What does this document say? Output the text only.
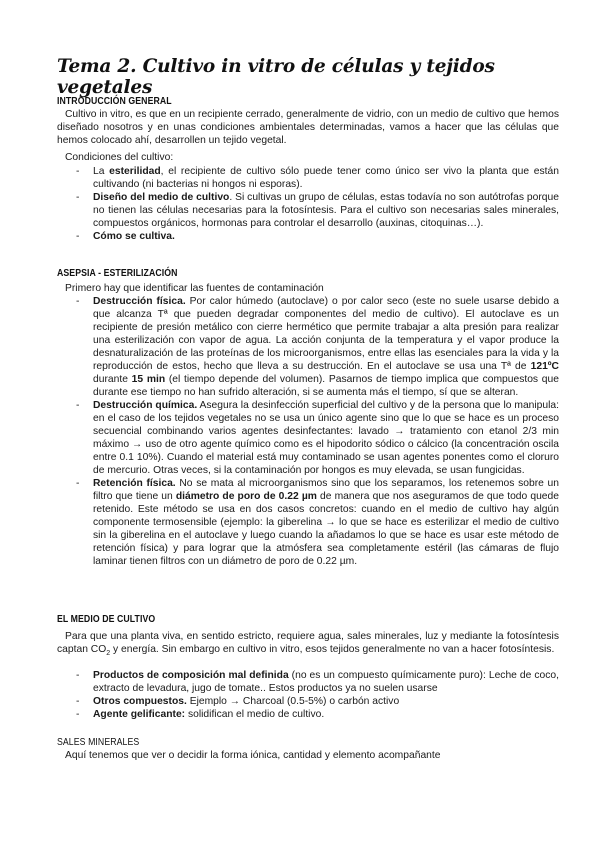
Tema 2. Cultivo in vitro de células y tejidos vegetales
INTRODUCCIÓN GENERAL
Cultivo in vitro, es que en un recipiente cerrado, generalmente de vidrio, con un medio de cultivo que hemos diseñado nosotros y en unas condiciones ambientales determinadas, vamos a hacer que las células que hemos colocado ahí, desarrollen un tejido vegetal.
Condiciones del cultivo:
- La esterilidad, el recipiente de cultivo sólo puede tener como único ser vivo la planta que están cultivando (ni bacterias ni hongos ni esporas).
- Diseño del medio de cultivo. Si cultivas un grupo de células, estas todavía no son autótrofas porque no tienen las células necesarias para la fotosíntesis. Para el cultivo son necesarias sales minerales, compuestos orgánicos, hormonas para controlar el desarrollo (auxinas, citoquinas…).
- Cómo se cultiva.
ASEPSIA - ESTERILIZACIÓN
Primero hay que identificar las fuentes de contaminación
- Destrucción física. Por calor húmedo (autoclave) o por calor seco (este no suele usarse debido a que alcanza Tª que pueden degradar componentes del medio de cultivo). El autoclave es un recipiente de presión metálico con cierre hermético que permite trabajar a alta presión para realizar una esterilización con vapor de agua. La acción conjunta de la temperatura y el vapor produce la desnaturalización de las proteínas de los microorganismos, entre ellas las esenciales para la vida y la reproducción de estos, hecho que lleva a su destrucción. En el autoclave se usa una Tª de 121ºC durante 15 min (el tiempo depende del volumen). Pasarnos de tiempo implica que compuestos que durante ese tiempo no han sufrido alteración, si se aumenta más el tiempo, sí que se alteran.
- Destrucción química. Asegura la desinfección superficial del cultivo y de la persona que lo manipula: en el caso de los tejidos vegetales no se usa un único agente sino que lo que se hace es un proceso secuencial combinando varios agentes desinfectantes: lavado → tratamiento con etanol 2/3 min máximo → uso de otro agente químico como es el hipodorito sódico o cálcico (la concentración oscila entre 0.1 10%). Cuando el material está muy contaminado se usan agentes ponentes como el cloruro de mercurio. Otras veces, si la contaminación por hongos es muy elevada, se usan fungicidas.
- Retención física. No se mata al microorganismos sino que los separamos, los retenemos sobre un filtro que tiene un diámetro de poro de 0.22 µm de manera que nos aseguramos de que todo quede retenido. Este método se usa en dos casos concretos: cuando en el medio de cultivo hay algún componente termosensible (ejemplo: la giberelina → lo que se hace es esterilizar el medio de cultivo sin la giberelina en el autoclave y luego cuando la añadamos lo que se hace es usar este método de retención física) y para lograr que la atmósfera sea completamente estéril (las cámaras de flujo laminar tienen filtros con un diámetro de poro de 0.22 µm.
EL MEDIO DE CULTIVO
Para que una planta viva, en sentido estricto, requiere agua, sales minerales, luz y mediante la fotosíntesis captan $CO_2$ y energía. Sin embargo en cultivo in vitro, esos tejidos generalmente no van a hacer fotosíntesis.
- Productos de composición mal definida (no es un compuesto químicamente puro): Leche de coco, extracto de levadura, jugo de tomate.. Estos productos ya no suelen usarse
- Otros compuestos. Ejemplo → Charcoal (0.5-5%) o carbón activo
- Agente gelificante: solidifican el medio de cultivo.
SALES MINERALES
Aquí tenemos que ver o decidir la forma iónica, cantidad y elemento acompañante
